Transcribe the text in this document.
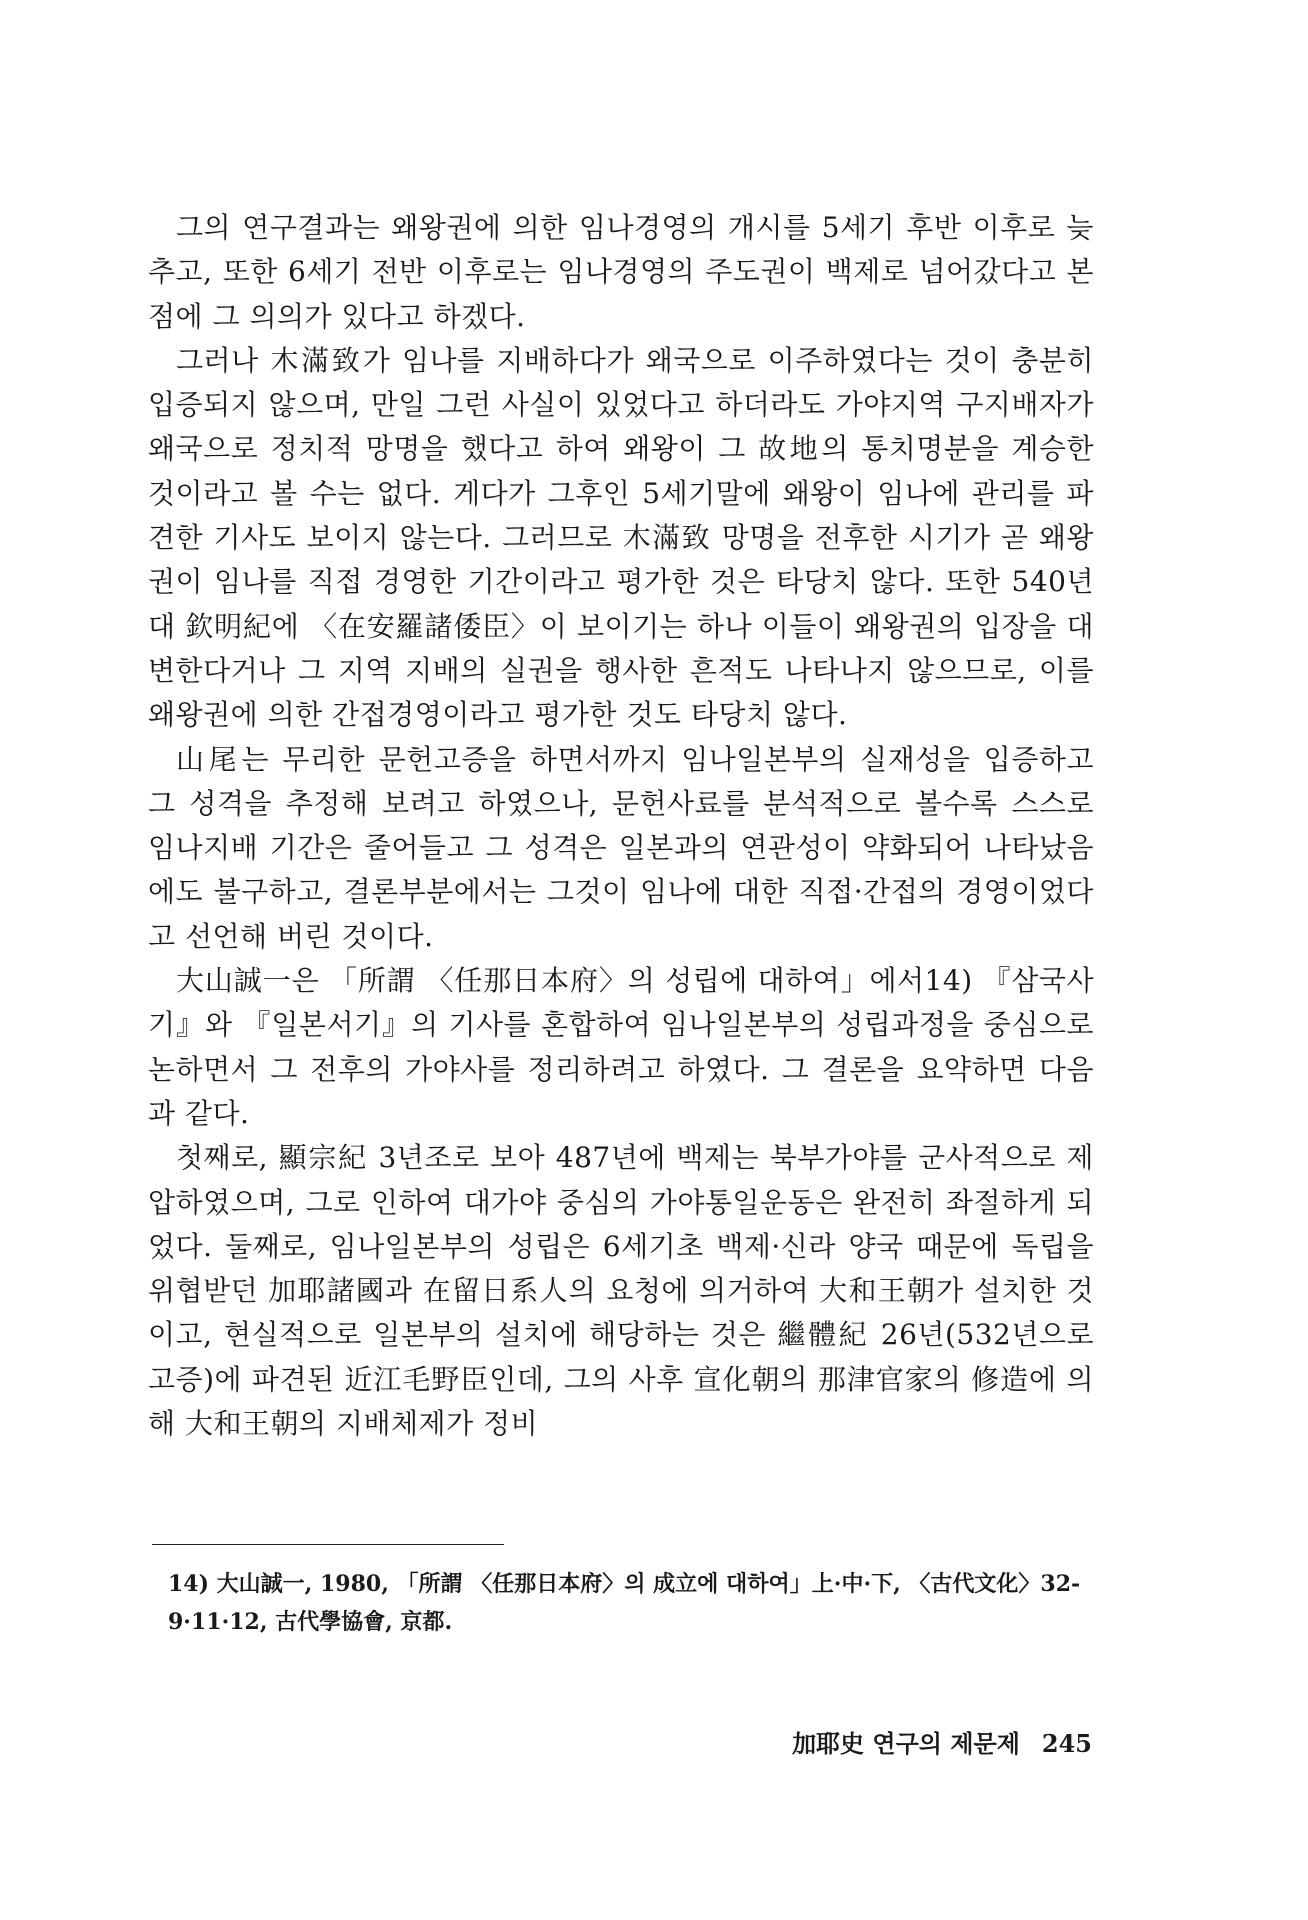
그의 연구결과는 왜왕권에 의한 임나경영의 개시를 5세기 후반 이후로 늦추고, 또한 6세기 전반 이후로는 임나경영의 주도권이 백제로 넘어갔다고 본 점에 그 의의가 있다고 하겠다.

그러나 木滿致가 임나를 지배하다가 왜국으로 이주하였다는 것이 충분히 입증되지 않으며, 만일 그런 사실이 있었다고 하더라도 가야지역 구지배자가 왜국으로 정치적 망명을 했다고 하여 왜왕이 그 故地의 통치명분을 계승한 것이라고 볼 수는 없다. 게다가 그후인 5세기말에 왜왕이 임나에 관리를 파견한 기사도 보이지 않는다. 그러므로 木滿致 망명을 전후한 시기가 곧 왜왕권이 임나를 직접 경영한 기간이라고 평가한 것은 타당치 않다. 또한 540년대 欽明紀에 〈在安羅諸倭臣〉이 보이기는 하나 이들이 왜왕권의 입장을 대변한다거나 그 지역 지배의 실권을 행사한 흔적도 나타나지 않으므로, 이를 왜왕권에 의한 간접경영이라고 평가한 것도 타당치 않다.

山尾는 무리한 문헌고증을 하면서까지 임나일본부의 실재성을 입증하고 그 성격을 추정해 보려고 하였으나, 문헌사료를 분석적으로 볼수록 스스로 임나지배 기간은 줄어들고 그 성격은 일본과의 연관성이 약화되어 나타났음에도 불구하고, 결론부분에서는 그것이 임나에 대한 직접·간접의 경영이었다고 선언해 버린 것이다.

大山誠一은 「所謂 〈任那日本府〉의 성립에 대하여」에서14) 『삼국사기』와 『일본서기』의 기사를 혼합하여 임나일본부의 성립과정을 중심으로 논하면서 그 전후의 가야사를 정리하려고 하였다. 그 결론을 요약하면 다음과 같다.

첫째로, 顯宗紀 3년조로 보아 487년에 백제는 북부가야를 군사적으로 제압하였으며, 그로 인하여 대가야 중심의 가야통일운동은 완전히 좌절하게 되었다. 둘째로, 임나일본부의 성립은 6세기초 백제·신라 양국 때문에 독립을 위협받던 加耶諸國과 在留日系人의 요청에 의거하여 大和王朝가 설치한 것이고, 현실적으로 일본부의 설치에 해당하는 것은 繼體紀 26년(532년으로 고증)에 파견된 近江毛野臣인데, 그의 사후 宣化朝의 那津官家의 修造에 의해 大和王朝의 지배체제가 정비

14) 大山誠一, 1980, 「所謂 〈任那日本府〉의 成立에 대하여」上·中·下, 〈古代文化〉32-9·11·12, 古代學協會, 京都.

加耶史 연구의 제문제 245
